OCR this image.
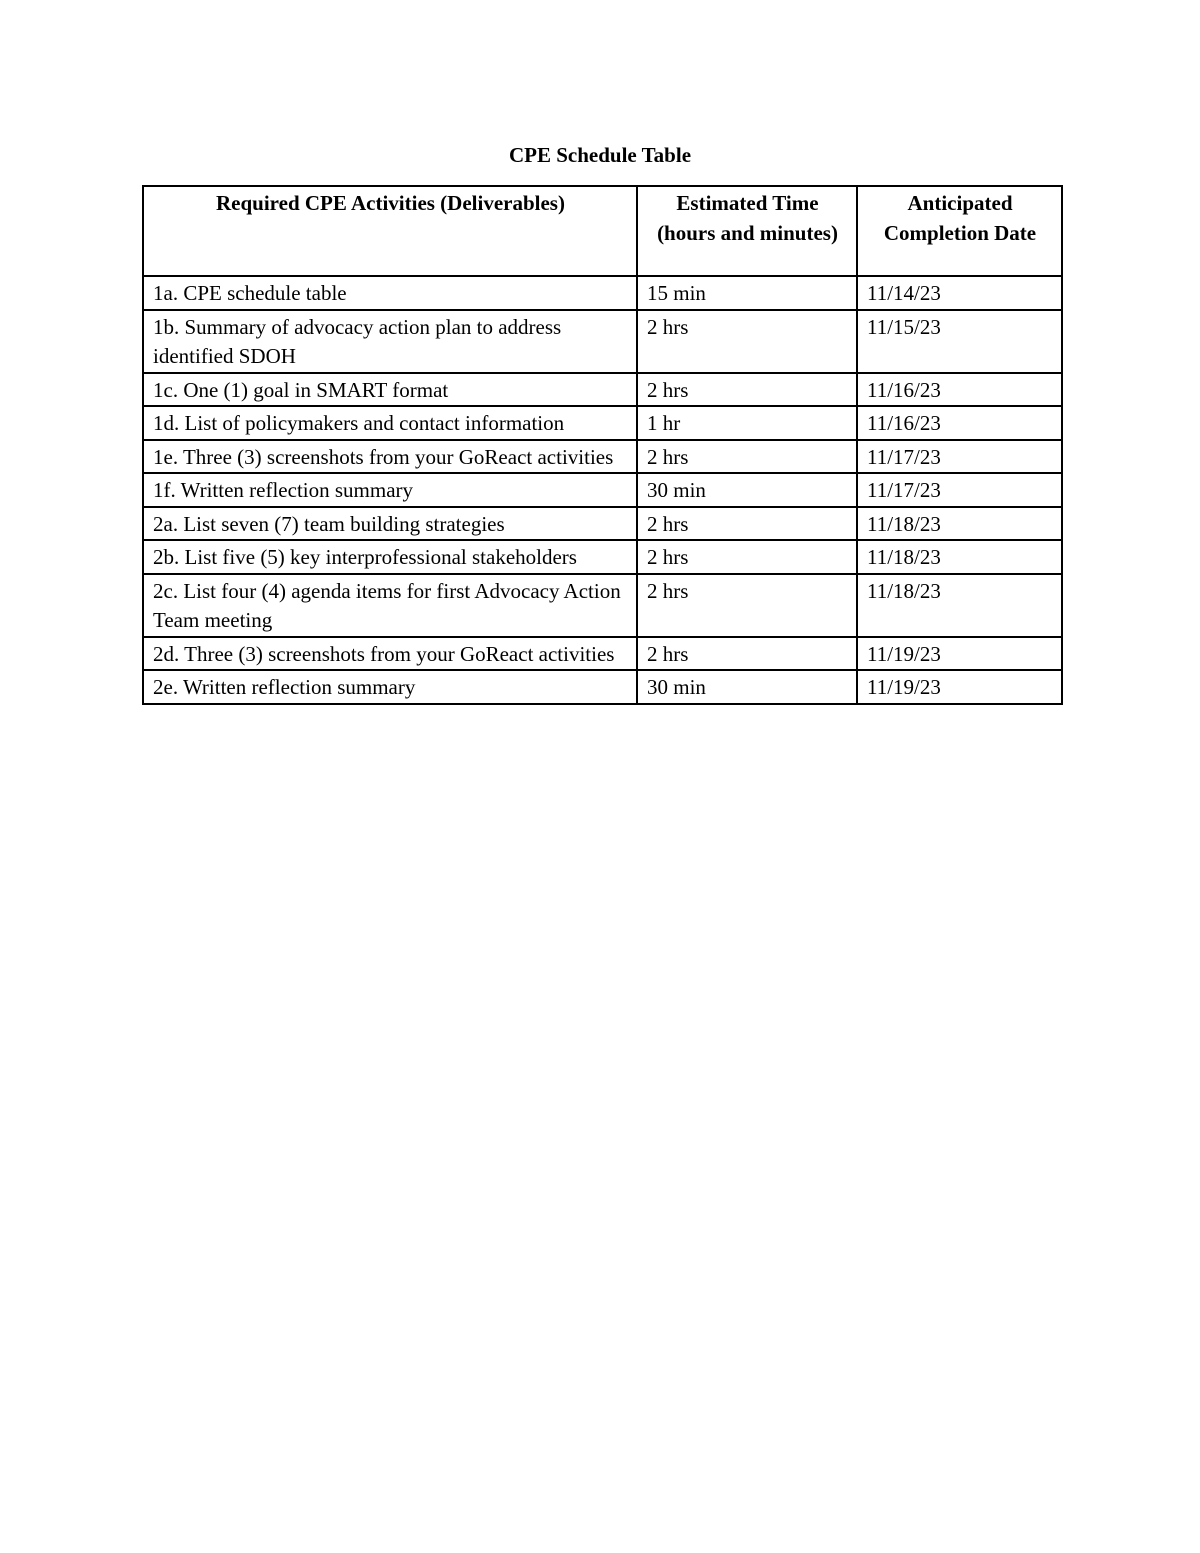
CPE Schedule Table
Required CPE Activities (Deliverables)	Estimated Time (hours and minutes)	Anticipated Completion Date
1a. CPE schedule table	15 min	11/14/23
1b. Summary of advocacy action plan to address identified SDOH	2 hrs	11/15/23
1c. One (1) goal in SMART format	2 hrs	11/16/23
1d. List of policymakers and contact information	1 hr	11/16/23
1e. Three (3) screenshots from your GoReact activities	2 hrs	11/17/23
1f. Written reflection summary	30 min	11/17/23
2a. List seven (7) team building strategies	2 hrs	11/18/23
2b. List five (5) key interprofessional stakeholders	2 hrs	11/18/23
2c. List four (4) agenda items for first Advocacy Action Team meeting	2 hrs	11/18/23
2d. Three (3) screenshots from your GoReact activities	2 hrs	11/19/23
2e. Written reflection summary	30 min	11/19/23
